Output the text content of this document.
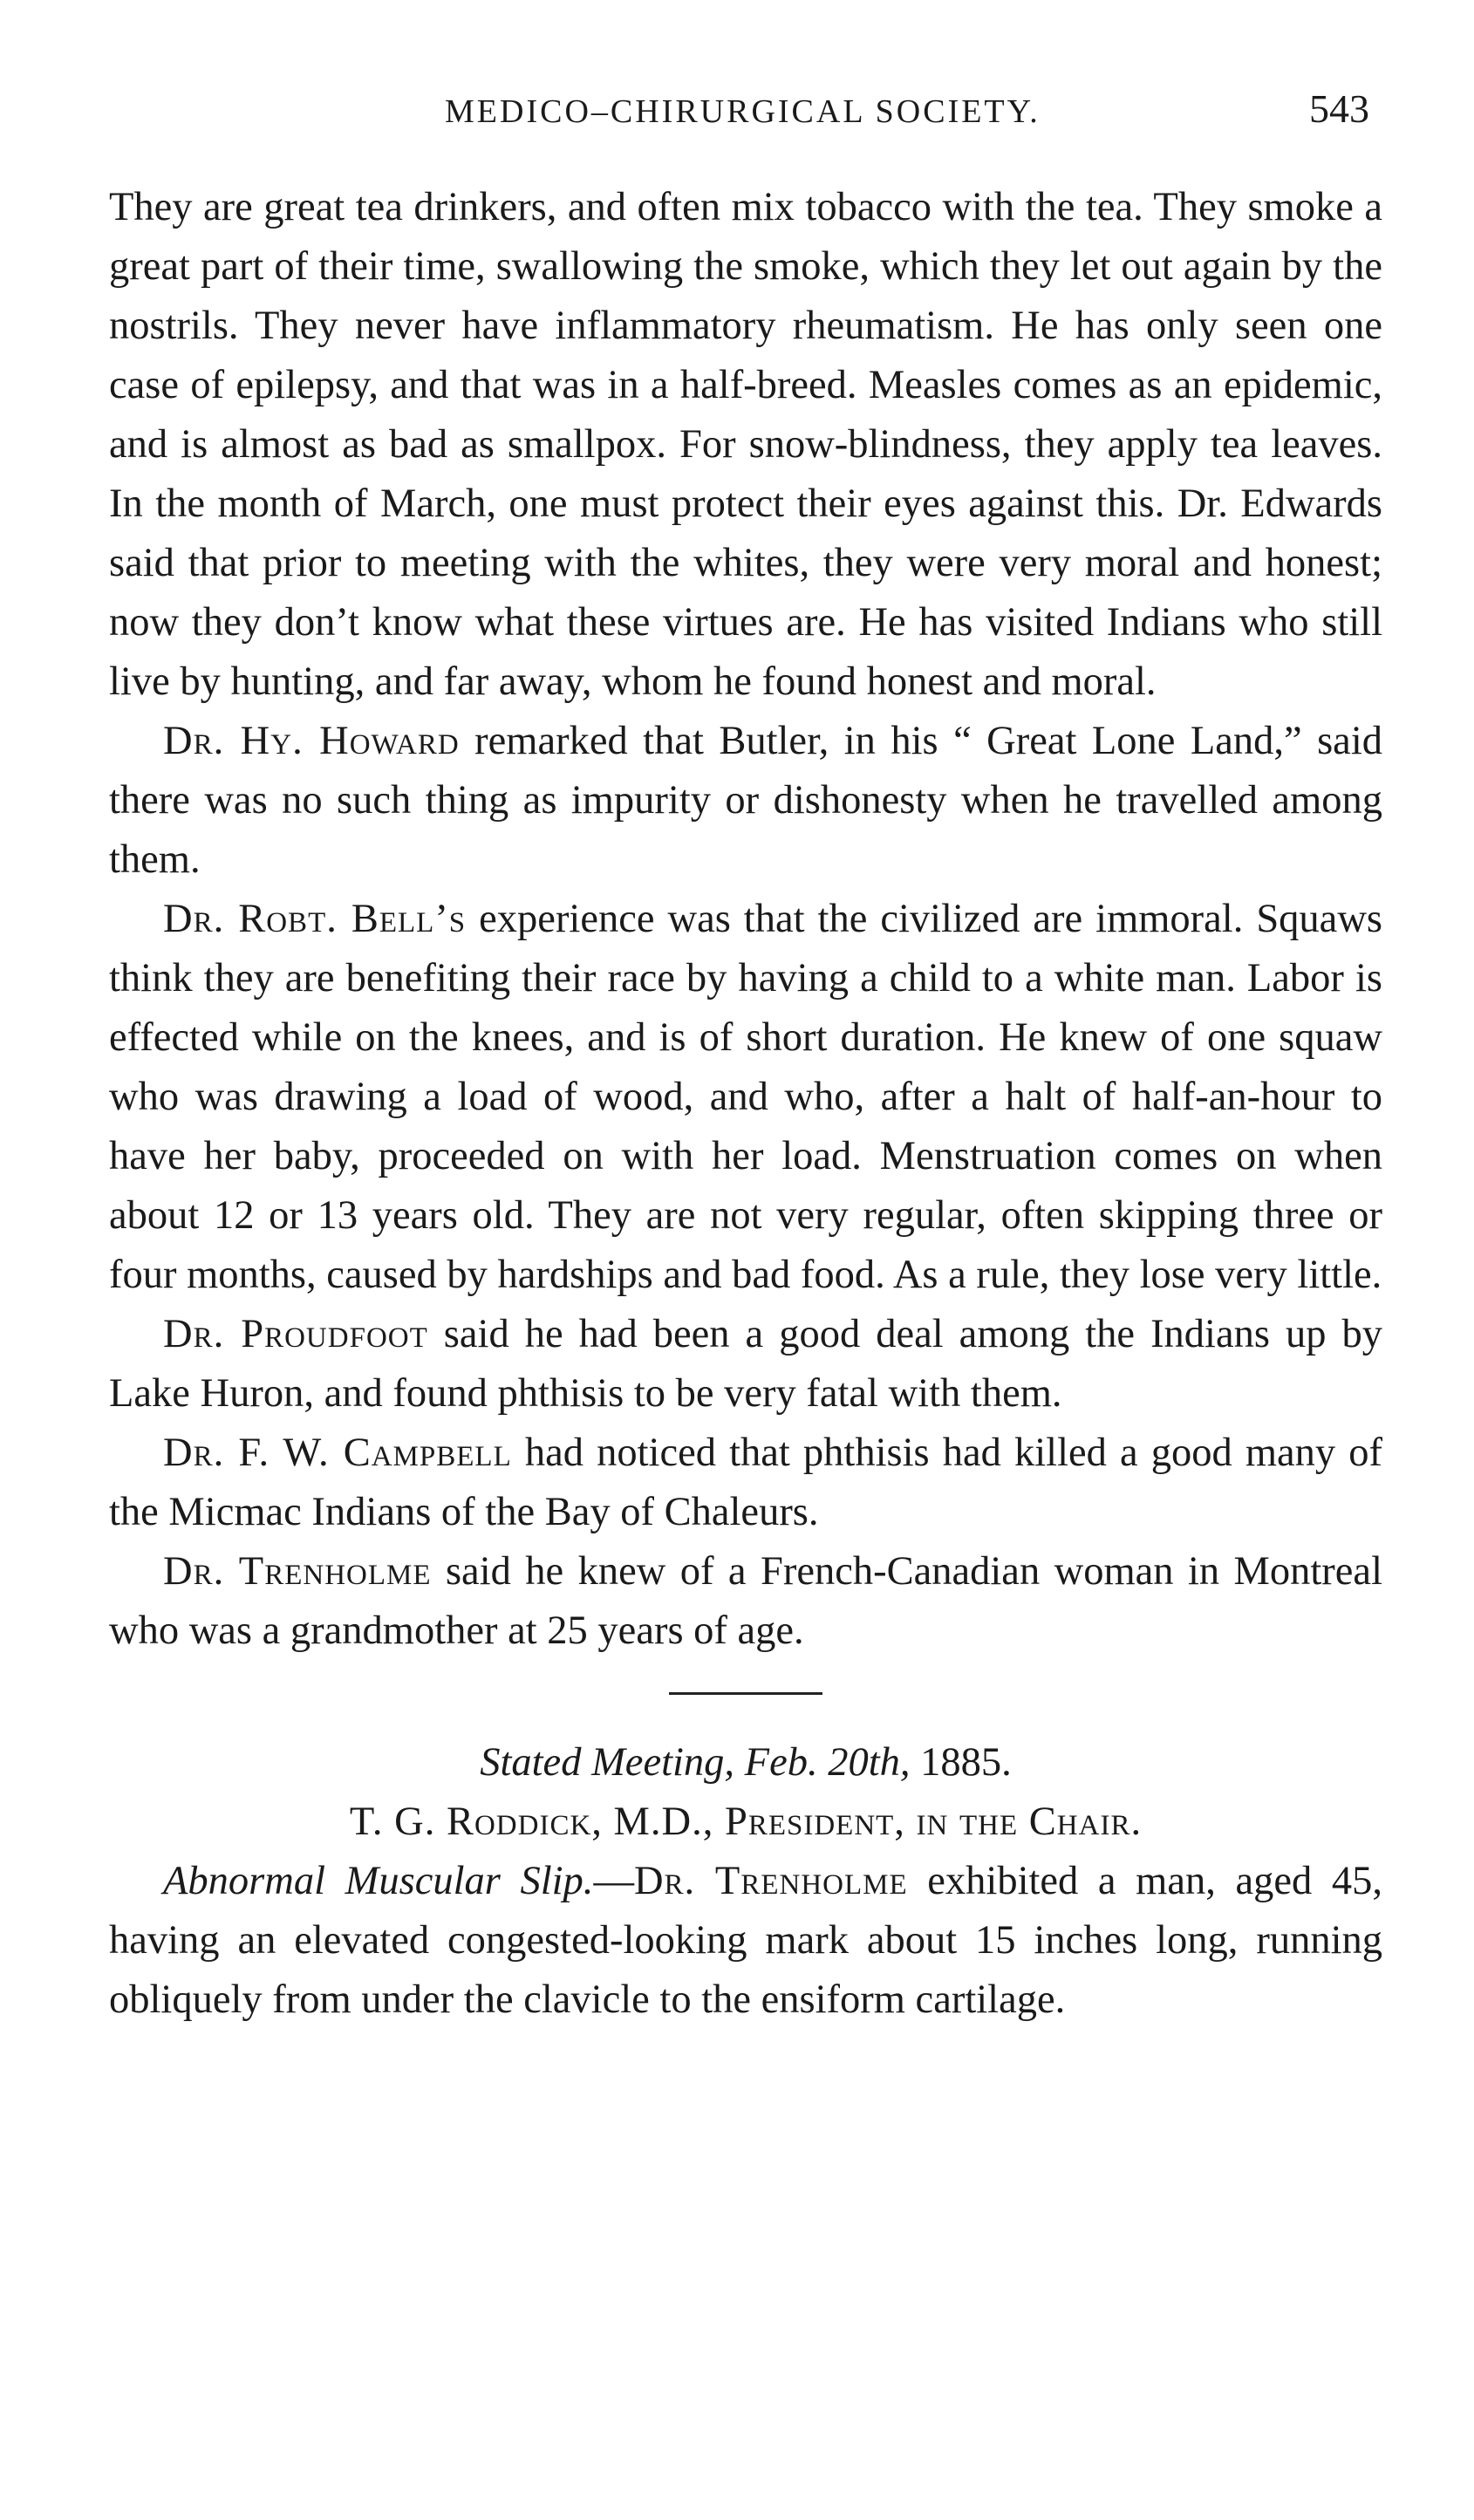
MEDICO–CHIRURGICAL SOCIETY.	543

They are great tea drinkers, and often mix tobacco with the tea. They smoke a great part of their time, swallowing the smoke, which they let out again by the nostrils. They never have inflammatory rheumatism. He has only seen one case of epilepsy, and that was in a half-breed. Measles comes as an epidemic, and is almost as bad as smallpox. For snow-blindness, they apply tea leaves. In the month of March, one must protect their eyes against this. Dr. Edwards said that prior to meeting with the whites, they were very moral and honest; now they don’t know what these virtues are. He has visited Indians who still live by hunting, and far away, whom he found honest and moral.

Dr. Hy. Howard remarked that Butler, in his “ Great Lone Land,” said there was no such thing as impurity or dishonesty when he travelled among them.

Dr. Robt. Bell’s experience was that the civilized are immoral. Squaws think they are benefiting their race by having a child to a white man. Labor is effected while on the knees, and is of short duration. He knew of one squaw who was drawing a load of wood, and who, after a halt of half-an-hour to have her baby, proceeded on with her load. Menstruation comes on when about 12 or 13 years old. They are not very regular, often skipping three or four months, caused by hardships and bad food. As a rule, they lose very little.

Dr. Proudfoot said he had been a good deal among the Indians up by Lake Huron, and found phthisis to be very fatal with them.

Dr. F. W. Campbell had noticed that phthisis had killed a good many of the Micmac Indians of the Bay of Chaleurs.

Dr. Trenholme said he knew of a French-Canadian woman in Montreal who was a grandmother at 25 years of age.

Stated Meeting, Feb. 20th, 1885.

T. G. Roddick, M.D., President, in the Chair.

Abnormal Muscular Slip.—Dr. Trenholme exhibited a man, aged 45, having an elevated congested-looking mark about 15 inches long, running obliquely from under the clavicle to the ensiform cartilage.
